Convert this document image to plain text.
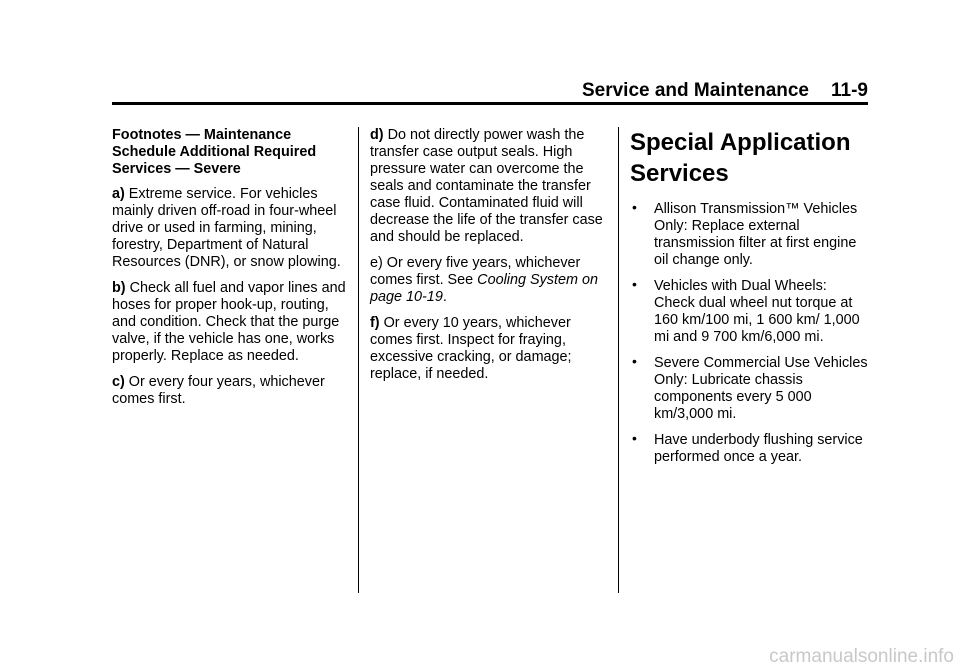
Service and Maintenance 11-9

Footnotes — Maintenance Schedule Additional Required Services — Severe

a) Extreme service. For vehicles mainly driven off-road in four-wheel drive or used in farming, mining, forestry, Department of Natural Resources (DNR), or snow plowing.

b) Check all fuel and vapor lines and hoses for proper hook-up, routing, and condition. Check that the purge valve, if the vehicle has one, works properly. Replace as needed.

c) Or every four years, whichever comes first.

d) Do not directly power wash the transfer case output seals. High pressure water can overcome the seals and contaminate the transfer case fluid. Contaminated fluid will decrease the life of the transfer case and should be replaced.

e) Or every five years, whichever comes first. See Cooling System on page 10-19.

f) Or every 10 years, whichever comes first. Inspect for fraying, excessive cracking, or damage; replace, if needed.

Special Application Services
• Allison Transmission™ Vehicles Only: Replace external transmission filter at first engine oil change only.
• Vehicles with Dual Wheels: Check dual wheel nut torque at 160 km/100 mi, 1 600 km/ 1,000 mi and 9 700 km/6,000 mi.
• Severe Commercial Use Vehicles Only: Lubricate chassis components every 5 000 km/3,000 mi.
• Have underbody flushing service performed once a year.
carmanualsonline.info
